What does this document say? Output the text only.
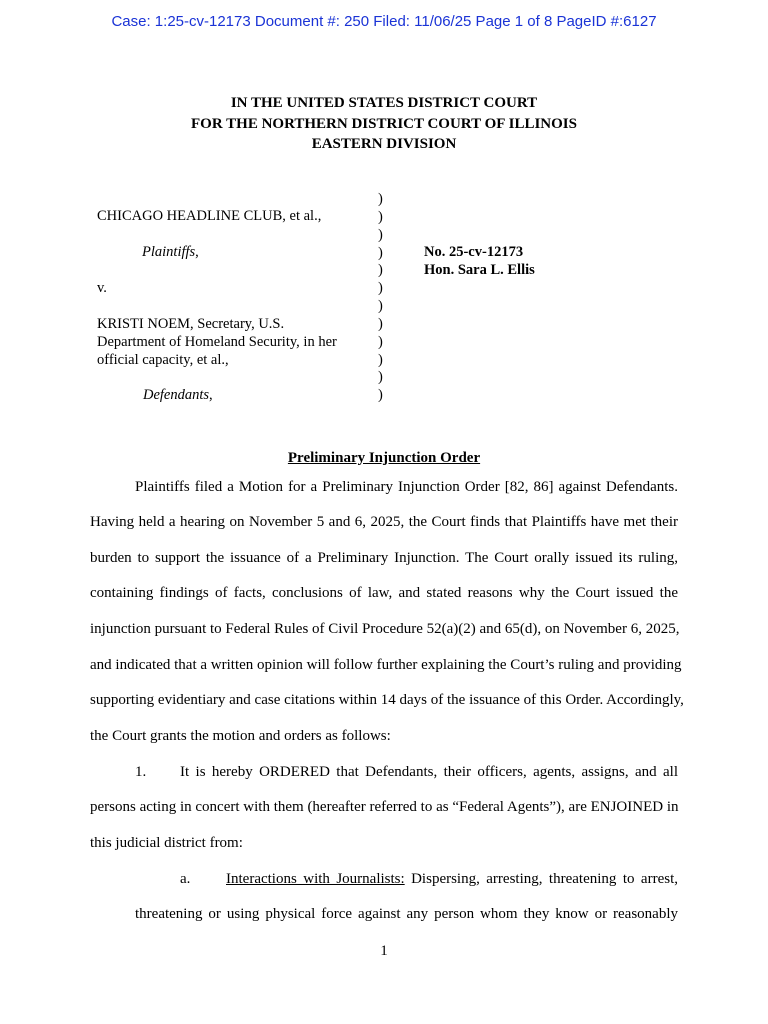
Case: 1:25-cv-12173 Document #: 250 Filed: 11/06/25 Page 1 of 8 PageID #:6127
IN THE UNITED STATES DISTRICT COURT
FOR THE NORTHERN DISTRICT COURT OF ILLINOIS
EASTERN DIVISION
CHICAGO HEADLINE CLUB, et al.,
Plaintiffs,
v.
KRISTI NOEM, Secretary, U.S.
Department of Homeland Security, in her
official capacity, et al.,
Defendants,
)
)
)
)
)
)
)
)
)
)
)
)
No. 25-cv-12173
Hon. Sara L. Ellis
Preliminary Injunction Order
Plaintiffs filed a Motion for a Preliminary Injunction Order [82, 86] against Defendants.
Having held a hearing on November 5 and 6, 2025, the Court finds that Plaintiffs have met their
burden to support the issuance of a Preliminary Injunction. The Court orally issued its ruling,
containing findings of facts, conclusions of law, and stated reasons why the Court issued the
injunction pursuant to Federal Rules of Civil Procedure 52(a)(2) and 65(d), on November 6, 2025,
and indicated that a written opinion will follow further explaining the Court’s ruling and providing
supporting evidentiary and case citations within 14 days of the issuance of this Order. Accordingly,
the Court grants the motion and orders as follows:
1. It is hereby ORDERED that Defendants, their officers, agents, assigns, and all
persons acting in concert with them (hereafter referred to as “Federal Agents”), are ENJOINED in
this judicial district from:
a. Interactions with Journalists: Dispersing, arresting, threatening to arrest,
threatening or using physical force against any person whom they know or reasonably
1
